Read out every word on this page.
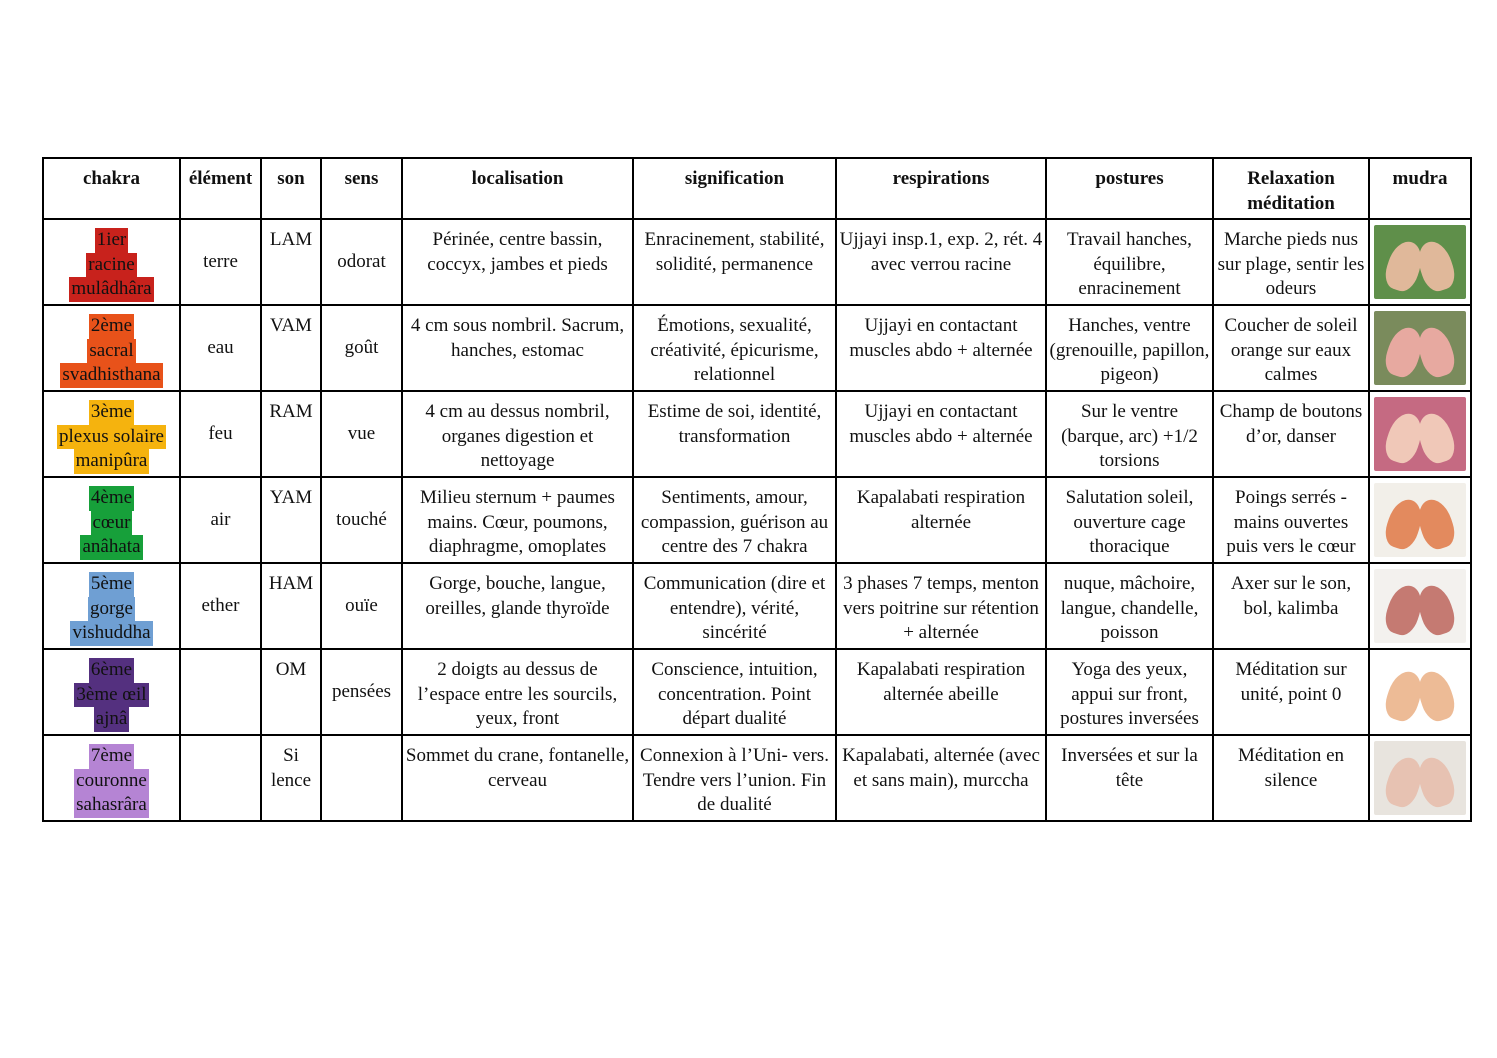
chakra	élément	son	sens	localisation	signification	respirations	postures	Relaxation méditation	mudra
1ier
racine
mulâdhâra	terre	LAM	odorat	Périnée, centre bassin, coccyx, jambes et pieds	Enracinement, stabilité, solidité, permanence	Ujjayi insp.1, exp. 2, rét. 4 avec verrou racine	Travail hanches, équilibre, enracinement	Marche pieds nus sur plage, sentir les odeurs	

2ème
sacral
svadhisthana	eau	VAM	goût	4 cm sous nombril. Sacrum, hanches, estomac	Émotions, sexualité, créativité, épicurisme, relationnel	Ujjayi en contactant muscles abdo + alternée	Hanches, ventre (grenouille, papillon, pigeon)	Coucher de soleil orange sur eaux calmes	

3ème
plexus solaire
manipûra	feu	RAM	vue	4 cm au dessus nombril, organes digestion et nettoyage	Estime de soi, identité, transformation	Ujjayi en contactant muscles abdo + alternée	Sur le ventre (barque, arc) +1/2 torsions	Champ de boutons d’or, danser	

4ème
cœur
anâhata	air	YAM	touché	Milieu sternum + paumes mains. Cœur, poumons, diaphragme, omoplates	Sentiments, amour, compassion, guérison au centre des 7 chakra	Kapalabati respiration alternée	Salutation soleil, ouverture cage thoracique	Poings serrés - mains ouvertes puis vers le cœur	

5ème
gorge
vishuddha	ether	HAM	ouïe	Gorge, bouche, langue, oreilles, glande thyroïde	Communication (dire et entendre), vérité, sincérité	3 phases 7 temps, menton vers poitrine sur rétention + alternée	nuque, mâchoire, langue, chandelle, poisson	Axer sur le son, bol, kalimba	

6ème
3ème œil
ajnâ		OM	pensées	2 doigts au dessus de l’espace entre les sourcils, yeux, front	Conscience, intuition, concentration. Point départ dualité	Kapalabati respiration alternée abeille	Yoga des yeux, appui sur front, postures inversées	Méditation sur unité, point 0	

7ème
couronne
sahasrâra		Si lence		Sommet du crane, fontanelle, cerveau	Connexion à l’Uni- vers. Tendre vers l’union. Fin de dualité	Kapalabati, alternée (avec et sans main), murccha	Inversées et sur la tête	Méditation en silence	
